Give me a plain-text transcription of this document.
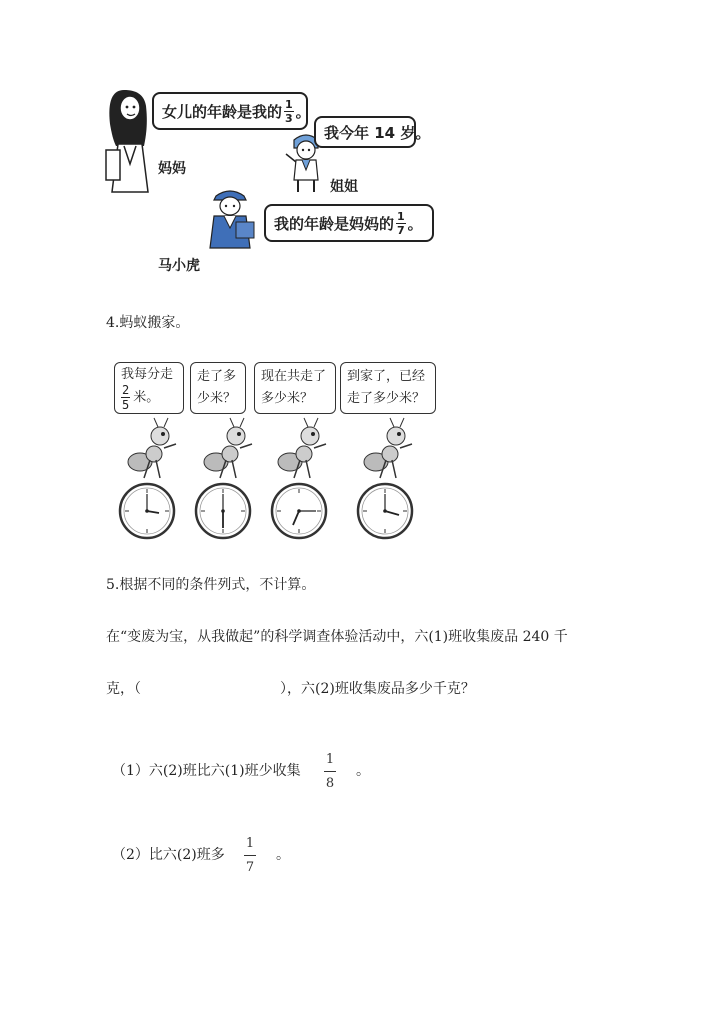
女儿的年龄是我的 $\frac{1}{3}$ 。
妈妈
我今年 14 岁。
姐姐
我的年龄是妈妈的 $\frac{1}{7}$ 。
马小虎
4.蚂蚁搬家。
我每分走
$\frac{2}{5}$ 米。
走了多
少米？
现在共走了
多少米？
到家了，已经
走了多少米？
5.根据不同的条件列式，不计算。
在“变废为宝，从我做起”的科学调查体验活动中，六(1)班收集废品 240 千
克，（	），六(2)班收集废品多少千克？
（1）六(2)班比六(1)班少收集
1
8
。
（2）比六(2)班多
1
7
。
